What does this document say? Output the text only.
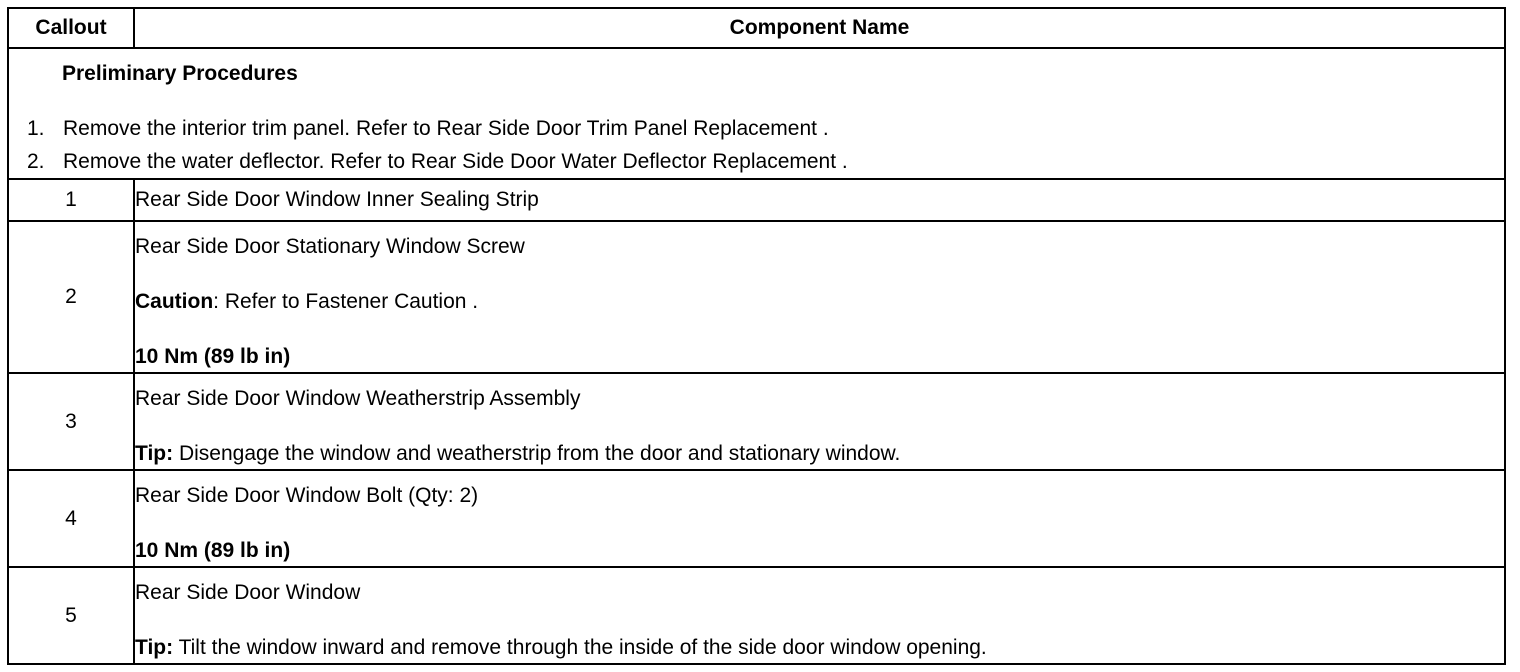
Callout	Component Name

Preliminary Procedures
1. Remove the interior trim panel. Refer to Rear Side Door Trim Panel Replacement .
2. Remove the water deflector. Refer to Rear Side Door Water Deflector Replacement .	

1	Rear Side Door Window Inner Sealing Strip

2	Rear Side Door Stationary Window Screw
Caution: Refer to Fastener Caution .
10 Nm (89 lb in)

3	Rear Side Door Window Weatherstrip Assembly
Tip: Disengage the window and weatherstrip from the door and stationary window.

4	Rear Side Door Window Bolt (Qty: 2)
10 Nm (89 lb in)

5	Rear Side Door Window
Tip: Tilt the window inward and remove through the inside of the side door window opening.
